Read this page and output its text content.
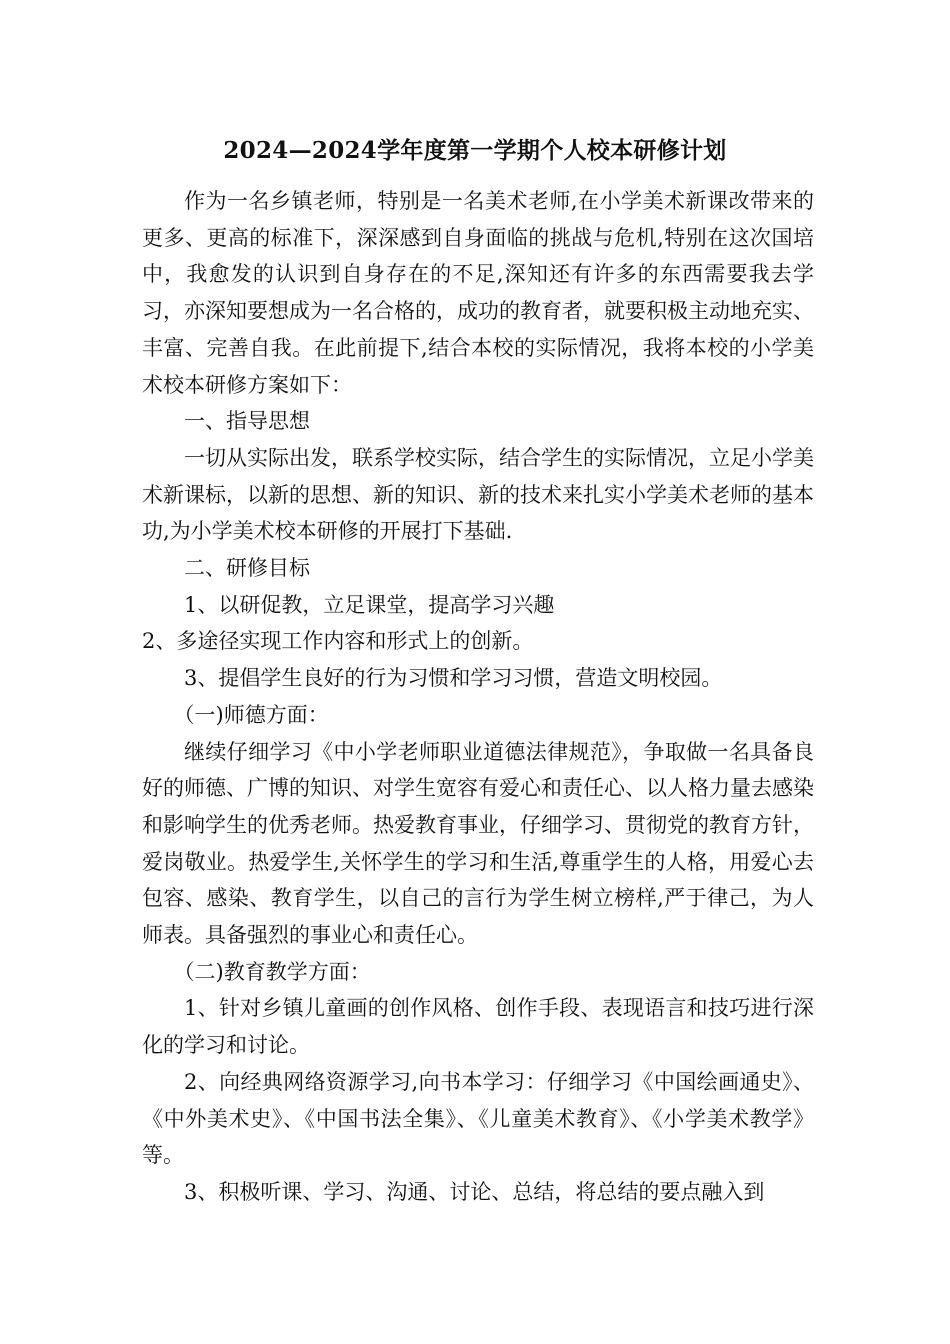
2024—2024学年度第一学期个人校本研修计划

作为一名乡镇老师，特别是一名美术老师,在小学美术新课改带来的更多、更高的标准下，深深感到自身面临的挑战与危机,特别在这次国培中，我愈发的认识到自身存在的不足,深知还有许多的东西需要我去学习，亦深知要想成为一名合格的，成功的教育者，就要积极主动地充实、丰富、完善自我。在此前提下,结合本校的实际情况，我将本校的小学美术校本研修方案如下：

一、指导思想

一切从实际出发，联系学校实际，结合学生的实际情况，立足小学美术新课标，以新的思想、新的知识、新的技术来扎实小学美术老师的基本功,为小学美术校本研修的开展打下基础.

二、研修目标

1、以研促教，立足课堂，提高学习兴趣

2、多途径实现工作内容和形式上的创新。

3、提倡学生良好的行为习惯和学习习惯，营造文明校园。

（一)师德方面：

继续仔细学习《中小学老师职业道德法律规范》，争取做一名具备良好的师德、广博的知识、对学生宽容有爱心和责任心、以人格力量去感染和影响学生的优秀老师。热爱教育事业，仔细学习、贯彻党的教育方针，爱岗敬业。热爱学生,关怀学生的学习和生活,尊重学生的人格，用爱心去包容、感染、教育学生，以自己的言行为学生树立榜样,严于律己，为人师表。具备强烈的事业心和责任心。

（二)教育教学方面：

1、针对乡镇儿童画的创作风格、创作手段、表现语言和技巧进行深化的学习和讨论。

2、向经典网络资源学习,向书本学习：仔细学习《中国绘画通史》、《中外美术史》、《中国书法全集》、《儿童美术教育》、《小学美术教学》等。

3、积极听课、学习、沟通、讨论、总结，将总结的要点融入到
